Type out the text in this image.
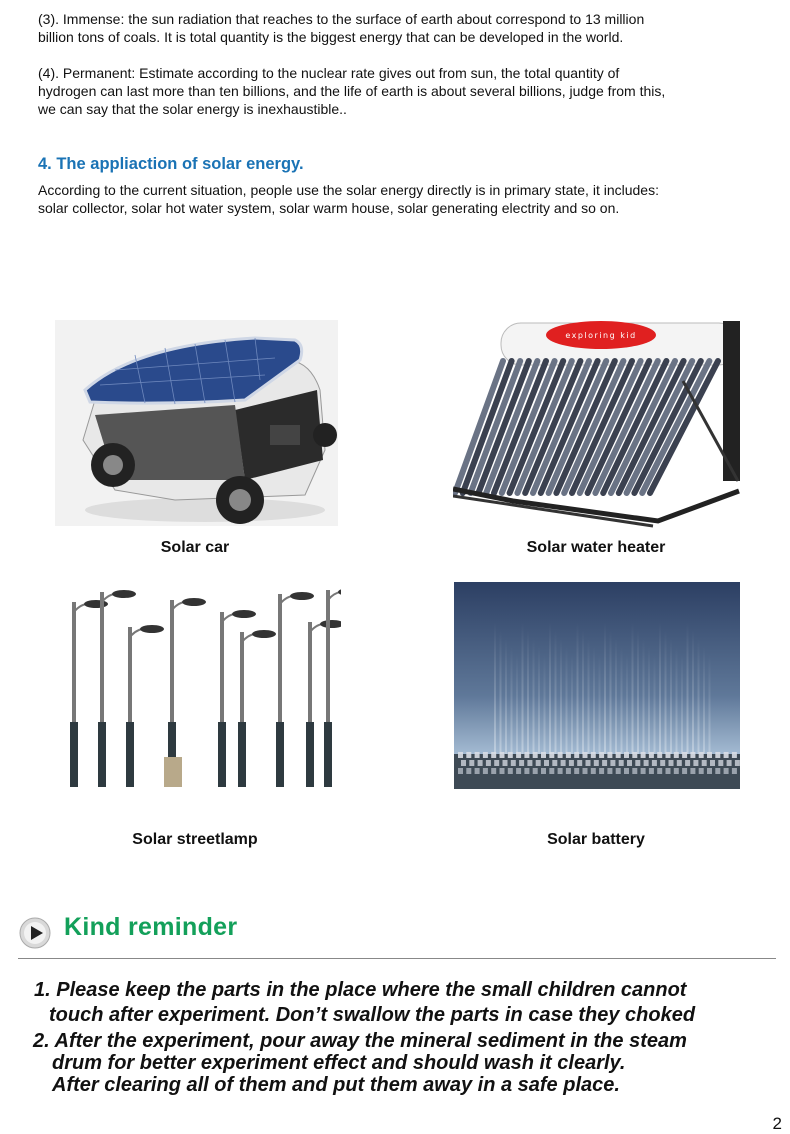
(3). Immense: the sun radiation that reaches to the surface of earth about correspond to 13 million billion tons of coals. It is total quantity is the biggest energy that can be developed in the world.

(4). Permanent: Estimate according to the nuclear rate gives out from sun, the total quantity of hydrogen can last more than ten billions, and the life of earth is about several billions, judge from this, we can say that the solar energy is inexhaustible..

4. The appliaction of solar energy.

According to the current situation, people use the solar energy directly is in primary state, it includes: solar collector, solar hot water system, solar warm house, solar generating electrity and so on.

Solar car
exploring kid
Solar water heater
Solar streetlamp	Solar battery
Kind reminder

1. Please keep the parts in the place where the small children cannot

touch after experiment. Don’t swallow the parts in case they choked

2. After the experiment, pour away the mineral sediment in the steam

drum for better experiment effect and should wash it clearly.

After clearing all of them and put them away in a safe place.

2
